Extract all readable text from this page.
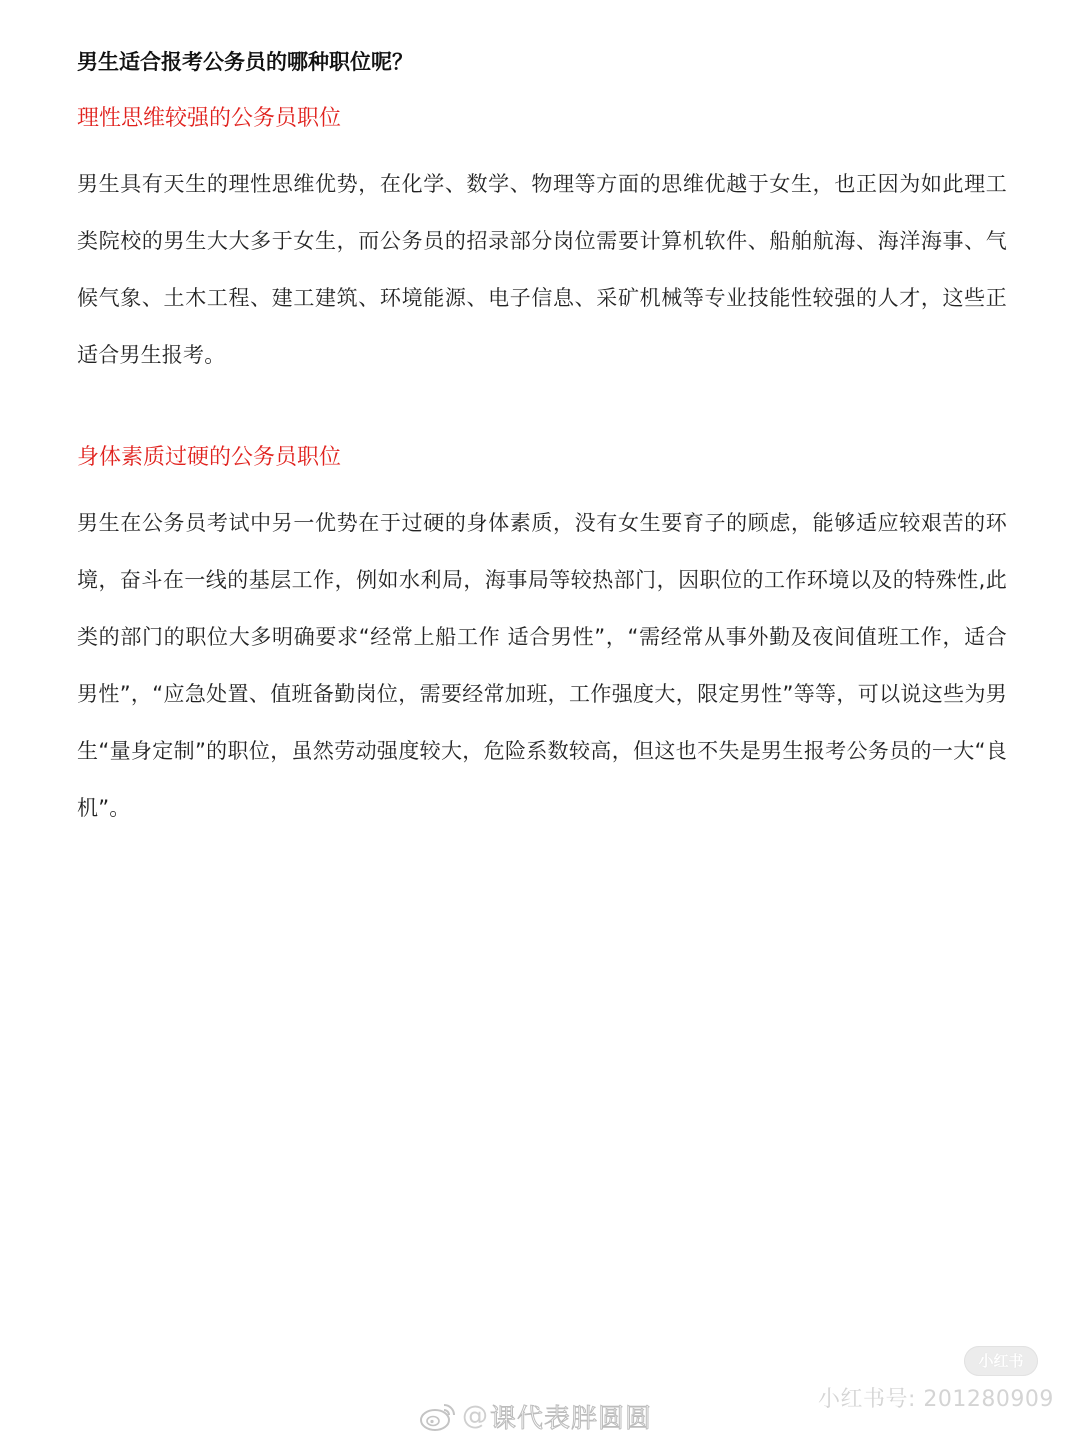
男生适合报考公务员的哪种职位呢？
理性思维较强的公务员职位

男生具有天生的理性思维优势，在化学、数学、物理等方面的思维优越于女生，也正因为如此理工类院校的男生大大多于女生，而公务员的招录部分岗位需要计算机软件、船舶航海、海洋海事、气候气象、土木工程、建工建筑、环境能源、电子信息、采矿机械等专业技能性较强的人才，这些正适合男生报考。

身体素质过硬的公务员职位

男生在公务员考试中另一优势在于过硬的身体素质，没有女生要育子的顾虑，能够适应较艰苦的环境，奋斗在一线的基层工作，例如水利局，海事局等较热部门，因职位的工作环境以及的特殊性,此类的部门的职位大多明确要求“经常上船工作 适合男性”，“需经常从事外勤及夜间值班工作，适合男性”，“应急处置、值班备勤岗位，需要经常加班，工作强度大，限定男性”等等，可以说这些为男生“量身定制”的职位，虽然劳动强度较大，危险系数较高，但这也不失是男生报考公务员的一大“良机”。

小红书
小红书号: 201280909
@ 课代表胖圆圆
